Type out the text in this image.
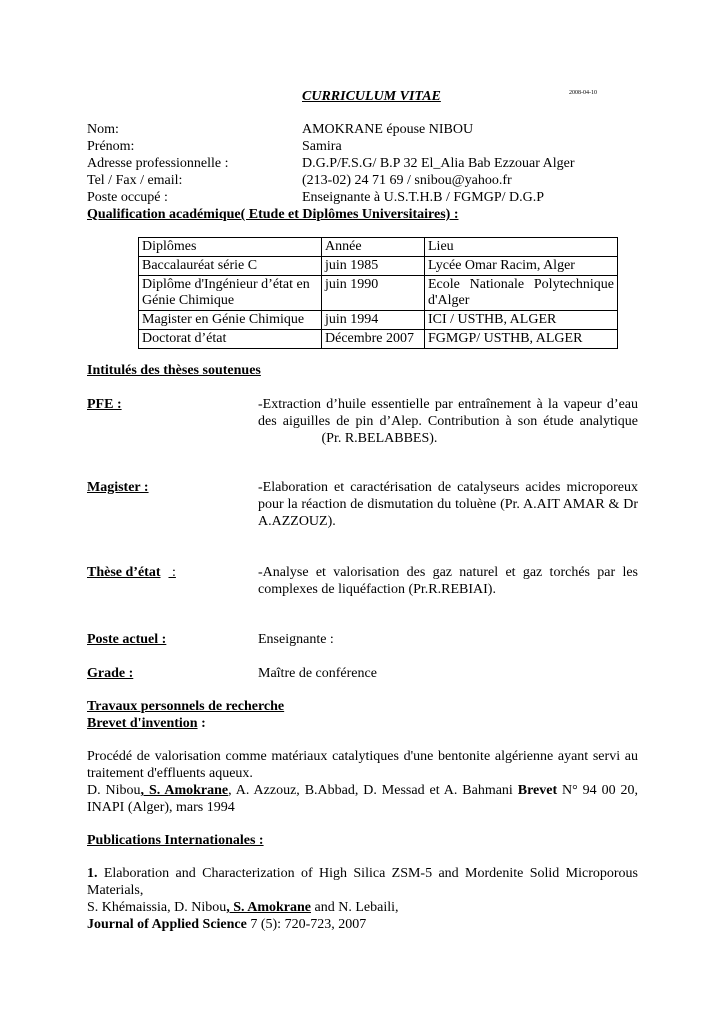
CURRICULUM VITAE	2008-04-10
Nom:	AMOKRANE épouse NIBOU
Prénom:	Samira
Adresse professionnelle :	D.G.P/F.S.G/ B.P 32 El_Alia Bab Ezzouar Alger
Tel / Fax / email:	(213-02) 24 71 69 / snibou@yahoo.fr
Poste occupé :	Enseignante à U.S.T.H.B / FGMGP/ D.G.P
Qualification académique( Etude et Diplômes Universitaires) :
Diplômes	Année	Lieu
Baccalauréat série C	juin 1985	Lycée Omar Racim, Alger
Diplôme d'Ingénieur d’état en Génie Chimique	juin 1990	Ecole Nationale Polytechnique d'Alger
Magister en Génie Chimique	juin 1994	ICI / USTHB, ALGER
Doctorat d’état	Décembre 2007	FGMGP/ USTHB, ALGER
Intitulés des thèses soutenues
PFE :	-Extraction d’huile essentielle par entraînement à la vapeur d’eau des aiguilles de pin d’Alep. Contribution à son étude analytique  (Pr. R.BELABBES).
Magister :	-Elaboration et caractérisation de catalyseurs acides microporeux pour la réaction de dismutation du toluène (Pr. A.AIT AMAR & Dr A.AZZOUZ).
Thèse d’état :	-Analyse et valorisation des gaz naturel et gaz torchés par les complexes de liquéfaction (Pr.R.REBIAI).
Poste actuel :	Enseignante :
Grade :	Maître de conférence
Travaux personnels de recherche
Brevet d'invention :
Procédé de valorisation comme matériaux catalytiques d'une bentonite algérienne ayant servi au traitement d'effluents aqueux.
D. Nibou, S. Amokrane, A. Azzouz, B.Abbad, D. Messad et A. Bahmani Brevet N° 94 00 20, INAPI (Alger), mars 1994
Publications Internationales :
1. Elaboration and Characterization of High Silica ZSM-5 and Mordenite Solid Microporous Materials,
S. Khémaissia, D. Nibou, S. Amokrane and N. Lebaili,
Journal of Applied Science 7 (5): 720-723, 2007
